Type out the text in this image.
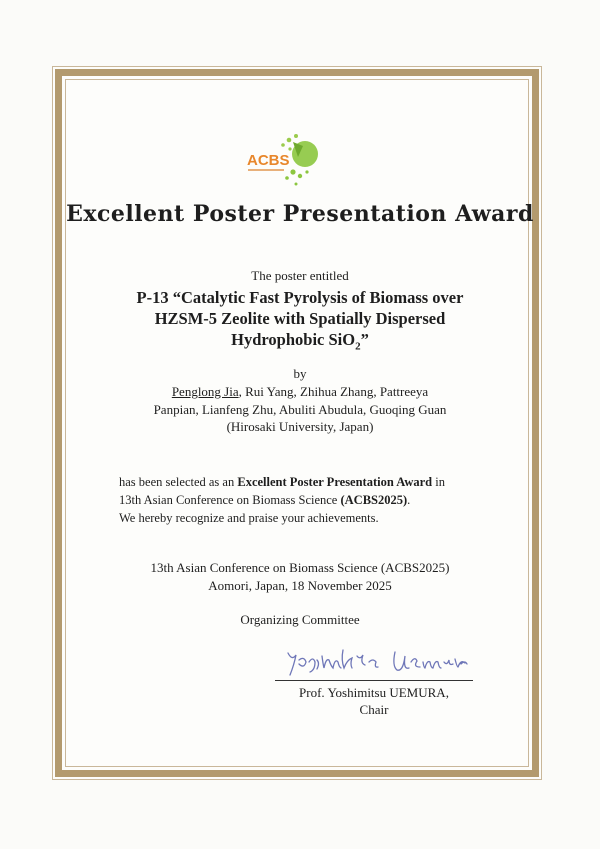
ACBS
Excellent Poster Presentation Award
The poster entitled
P-13 “Catalytic Fast Pyrolysis of Biomass over
HZSM-5 Zeolite with Spatially Dispersed
Hydrophobic SiO$_2$”
by
Penglong Jia, Rui Yang, Zhihua Zhang, Pattreeya
Panpian, Lianfeng Zhu, Abuliti Abudula, Guoqing Guan
(Hirosaki University, Japan)
has been selected as an Excellent Poster Presentation Award in
13th Asian Conference on Biomass Science (ACBS2025).
We hereby recognize and praise your achievements.
13th Asian Conference on Biomass Science (ACBS2025)
Aomori, Japan, 18 November 2025
Organizing Committee
Prof. Yoshimitsu UEMURA,
Chair
